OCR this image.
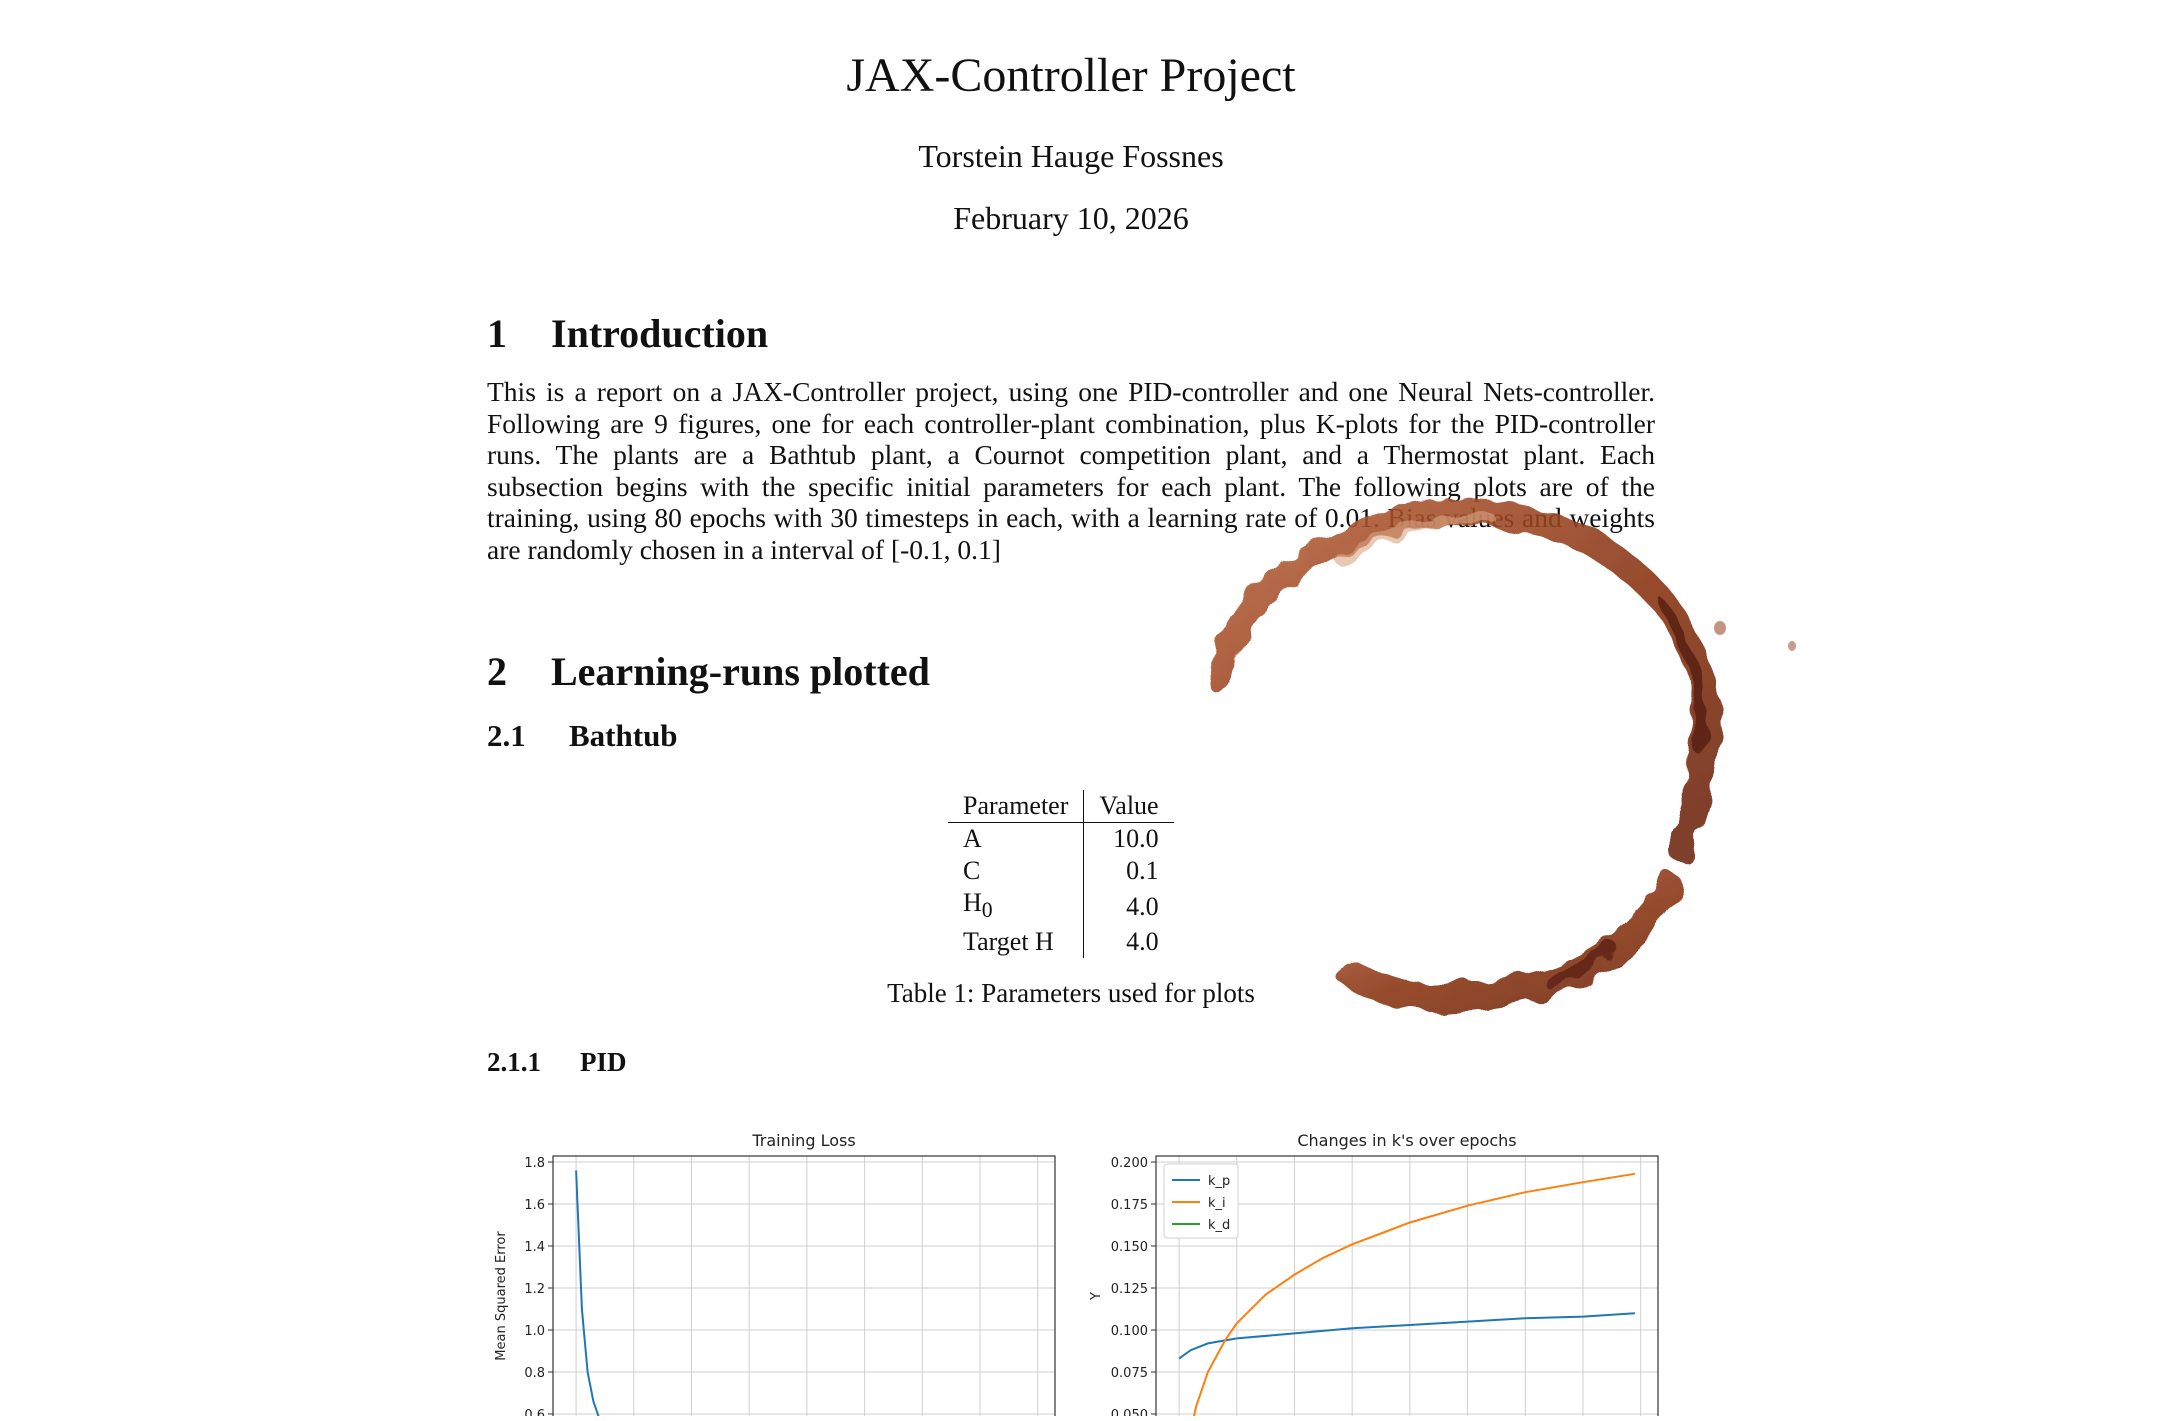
JAX-Controller Project
Torstein Hauge Fossnes
February 10, 2026
1 Introduction
This is a report on a JAX-Controller project, using one PID-controller and one Neural Nets-controller. Following are 9 figures, one for each controller-plant combination, plus K-plots for the PID-controller runs. The plants are a Bathtub plant, a Cournot competition plant, and a Thermostat plant. Each subsection begins with the specific initial parameters for each plant. The following plots are of the training, using 80 epochs with 30 timesteps in each, with a learning rate of 0.01. Bias values and weights are randomly chosen in a interval of [-0.1, 0.1]
2 Learning-runs plotted
2.1 Bathtub
Parameter	Value
A	10.0
C	0.1
$H_0$	4.0
Target H	4.0
Table 1: Parameters used for plots
2.1.1 PID
Training Loss
1.8
1.6
1.4
1.2
1.0
0.8
0.6
Mean Squared Error
Changes in k's over epochs
0.200
0.175
0.150
0.125
0.100
0.075
0.050
Y
k_p
k_i
k_d
